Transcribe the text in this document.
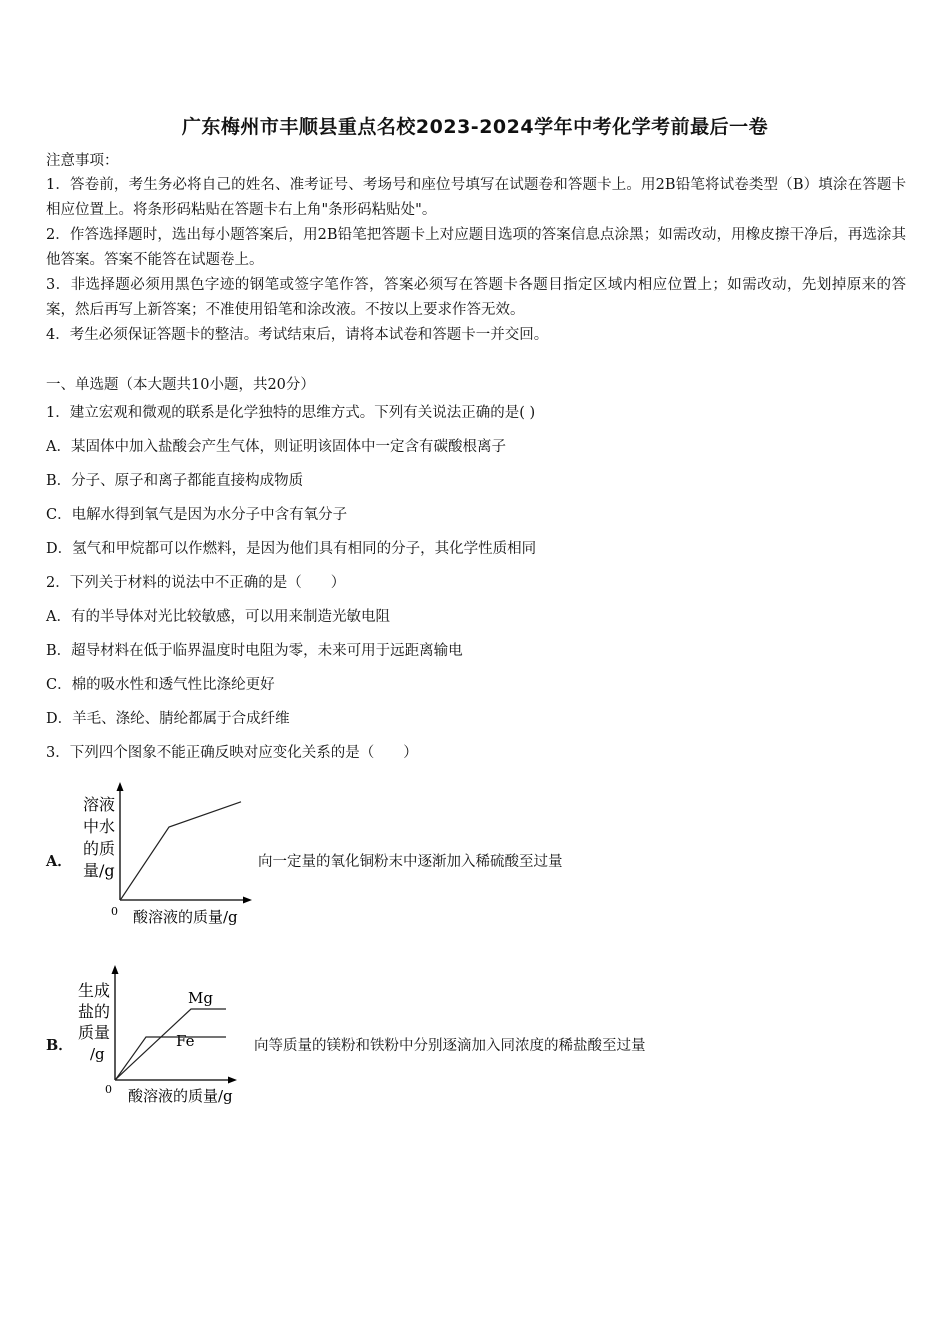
广东梅州市丰顺县重点名校2023-2024学年中考化学考前最后一卷
注意事项：
1．答卷前，考生务必将自己的姓名、准考证号、考场号和座位号填写在试题卷和答题卡上。用2B铅笔将试卷类型（B）填涂在答题卡相应位置上。将条形码粘贴在答题卡右上角"条形码粘贴处"。
2．作答选择题时，选出每小题答案后，用2B铅笔把答题卡上对应题目选项的答案信息点涂黑；如需改动，用橡皮擦干净后，再选涂其他答案。答案不能答在试题卷上。
3．非选择题必须用黑色字迹的钢笔或签字笔作答，答案必须写在答题卡各题目指定区域内相应位置上；如需改动，先划掉原来的答案，然后再写上新答案；不准使用铅笔和涂改液。不按以上要求作答无效。
4．考生必须保证答题卡的整洁。考试结束后，请将本试卷和答题卡一并交回。
一、单选题（本大题共10小题，共20分）
1．建立宏观和微观的联系是化学独特的思维方式。下列有关说法正确的是( )
A．某固体中加入盐酸会产生气体，则证明该固体中一定含有碳酸根离子
B．分子、原子和离子都能直接构成物质
C．电解水得到氧气是因为水分子中含有氧分子
D．氢气和甲烷都可以作燃料，是因为他们具有相同的分子，其化学性质相同
2．下列关于材料的说法中不正确的是（　　）
A．有的半导体对光比较敏感，可以用来制造光敏电阻
B．超导材料在低于临界温度时电阻为零，未来可用于远距离输电
C．棉的吸水性和透气性比涤纶更好
D．羊毛、涤纶、腈纶都属于合成纤维
3．下列四个图象不能正确反映对应变化关系的是（　　）
A．
溶液
中水
的质
量/g
0 酸溶液的质量/g
向一定量的氧化铜粉末中逐渐加入稀硫酸至过量
B．
生成
盐的
质量
/g
0 酸溶液的质量/g
Mg
Fe	向等质量的镁粉和铁粉中分别逐滴加入同浓度的稀盐酸至过量
